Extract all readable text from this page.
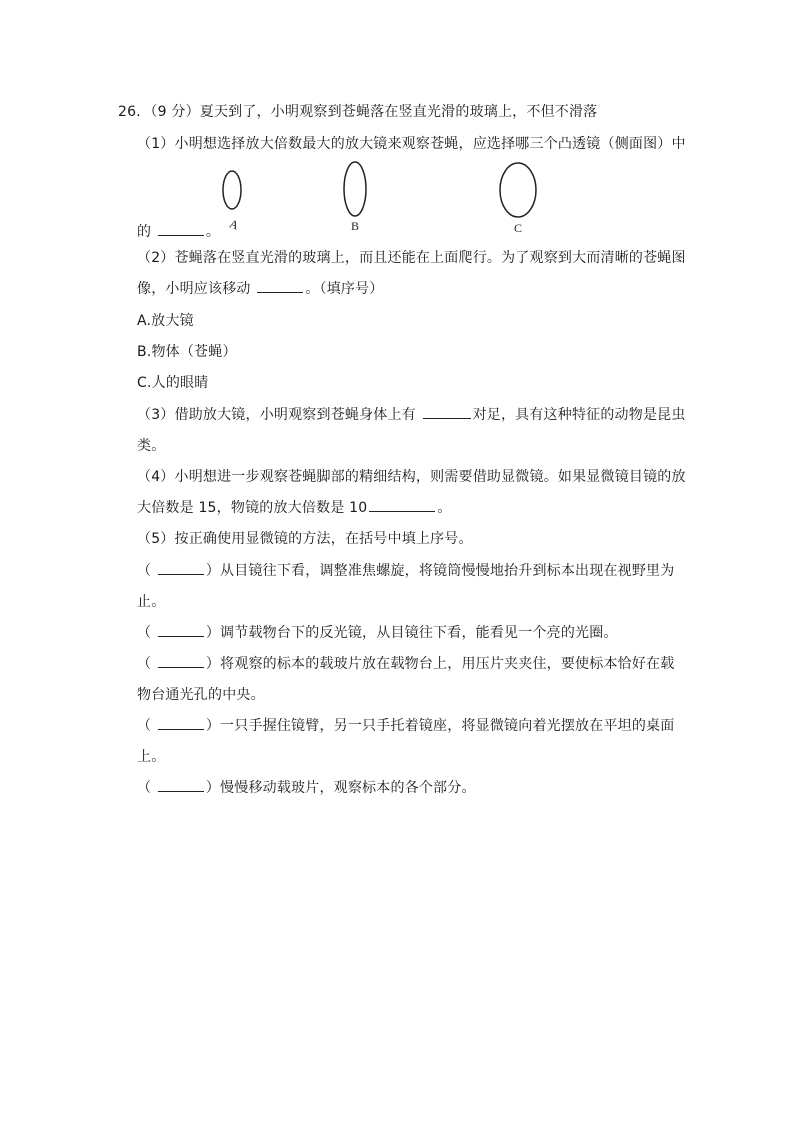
26．（9 分）夏天到了，小明观察到苍蝇落在竖直光滑的玻璃上，不但不滑落
（1）小明想选择放大倍数最大的放大镜来观察苍蝇，应选择哪三个凸透镜（侧面图）中
A	B	C
的	。
（2）苍蝇落在竖直光滑的玻璃上，而且还能在上面爬行。为了观察到大而清晰的苍蝇图
像，小明应该移动	。（填序号）
A.放大镜
B.物体（苍蝇）
C.人的眼睛
（3）借助放大镜，小明观察到苍蝇身体上有	对足，具有这种特征的动物是昆虫
类。
（4）小明想进一步观察苍蝇脚部的精细结构，则需要借助显微镜。如果显微镜目镜的放
大倍数是 15，物镜的放大倍数是 10	。
（5）按正确使用显微镜的方法，在括号中填上序号。
（	）从目镜往下看，调整准焦螺旋，将镜筒慢慢地抬升到标本出现在视野里为
止。
（	）调节载物台下的反光镜，从目镜往下看，能看见一个亮的光圈。
（	）将观察的标本的载玻片放在载物台上，用压片夹夹住，要使标本恰好在载
物台通光孔的中央。
（	）一只手握住镜臂，另一只手托着镜座，将显微镜向着光摆放在平坦的桌面
上。
（	）慢慢移动载玻片，观察标本的各个部分。
